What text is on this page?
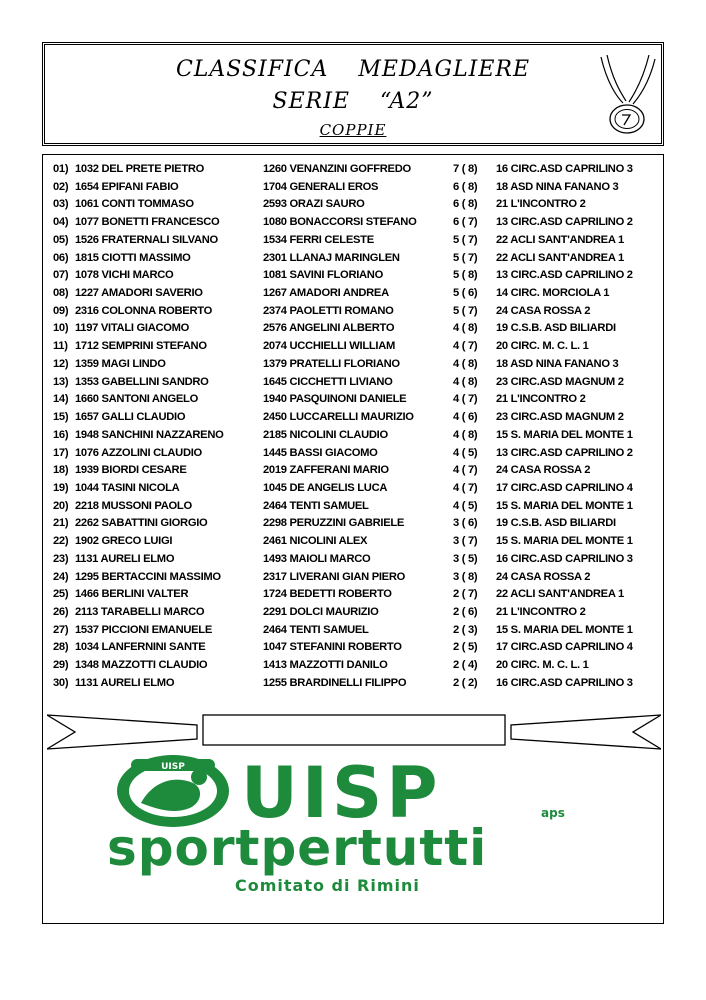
CLASSIFICA MEDAGLIERE
SERIE “A2”
COPPIE
01) 1032 DEL PRETE PIETRO	1260 VENANZINI GOFFREDO	7 ( 8) 16 CIRC.ASD CAPRILINO 3
02) 1654 EPIFANI FABIO	1704 GENERALI EROS	6 ( 8) 18 ASD NINA FANANO 3
03) 1061 CONTI TOMMASO	2593 ORAZI SAURO	6 ( 8) 21 L'INCONTRO 2
04) 1077 BONETTI FRANCESCO	1080 BONACCORSI STEFANO	6 ( 7) 13 CIRC.ASD CAPRILINO 2
05) 1526 FRATERNALI SILVANO	1534 FERRI CELESTE	5 ( 7) 22 ACLI SANT'ANDREA 1
06) 1815 CIOTTI MASSIMO	2301 LLANAJ MARINGLEN	5 ( 7) 22 ACLI SANT'ANDREA 1
07) 1078 VICHI MARCO	1081 SAVINI FLORIANO	5 ( 8) 13 CIRC.ASD CAPRILINO 2
08) 1227 AMADORI SAVERIO	1267 AMADORI ANDREA	5 ( 6) 14 CIRC. MORCIOLA 1
09) 2316 COLONNA ROBERTO	2374 PAOLETTI ROMANO	5 ( 7) 24 CASA ROSSA 2
10) 1197 VITALI GIACOMO	2576 ANGELINI ALBERTO	4 ( 8) 19 C.S.B. ASD BILIARDI
11) 1712 SEMPRINI STEFANO	2074 UCCHIELLI WILLIAM	4 ( 7) 20 CIRC. M. C. L. 1
12) 1359 MAGI LINDO	1379 PRATELLI FLORIANO	4 ( 8) 18 ASD NINA FANANO 3
13) 1353 GABELLINI SANDRO	1645 CICCHETTI LIVIANO	4 ( 8) 23 CIRC.ASD MAGNUM 2
14) 1660 SANTONI ANGELO	1940 PASQUINONI DANIELE	4 ( 7) 21 L'INCONTRO 2
15) 1657 GALLI CLAUDIO	2450 LUCCARELLI MAURIZIO	4 ( 6) 23 CIRC.ASD MAGNUM 2
16) 1948 SANCHINI NAZZARENO	2185 NICOLINI CLAUDIO	4 ( 8) 15 S. MARIA DEL MONTE 1
17) 1076 AZZOLINI CLAUDIO	1445 BASSI GIACOMO	4 ( 5) 13 CIRC.ASD CAPRILINO 2
18) 1939 BIORDI CESARE	2019 ZAFFERANI MARIO	4 ( 7) 24 CASA ROSSA 2
19) 1044 TASINI NICOLA	1045 DE ANGELIS LUCA	4 ( 7) 17 CIRC.ASD CAPRILINO 4
20) 2218 MUSSONI PAOLO	2464 TENTI SAMUEL	4 ( 5) 15 S. MARIA DEL MONTE 1
21) 2262 SABATTINI GIORGIO	2298 PERUZZINI GABRIELE	3 ( 6) 19 C.S.B. ASD BILIARDI
22) 1902 GRECO LUIGI	2461 NICOLINI ALEX	3 ( 7) 15 S. MARIA DEL MONTE 1
23) 1131 AURELI ELMO	1493 MAIOLI MARCO	3 ( 5) 16 CIRC.ASD CAPRILINO 3
24) 1295 BERTACCINI MASSIMO	2317 LIVERANI GIAN PIERO	3 ( 8) 24 CASA ROSSA 2
25) 1466 BERLINI VALTER	1724 BEDETTI ROBERTO	2 ( 7) 22 ACLI SANT'ANDREA 1
26) 2113 TARABELLI MARCO	2291 DOLCI MAURIZIO	2 ( 6) 21 L'INCONTRO 2
27) 1537 PICCIONI EMANUELE	2464 TENTI SAMUEL	2 ( 3) 15 S. MARIA DEL MONTE 1
28) 1034 LANFERNINI SANTE	1047 STEFANINI ROBERTO	2 ( 5) 17 CIRC.ASD CAPRILINO 4
29) 1348 MAZZOTTI CLAUDIO	1413 MAZZOTTI DANILO	2 ( 4) 20 CIRC. M. C. L. 1
30) 1131 AURELI ELMO	1255 BRARDINELLI FILIPPO	2 ( 2) 16 CIRC.ASD CAPRILINO 3
UISP UISP	aps
sportpertutti
Comitato di Rimini
